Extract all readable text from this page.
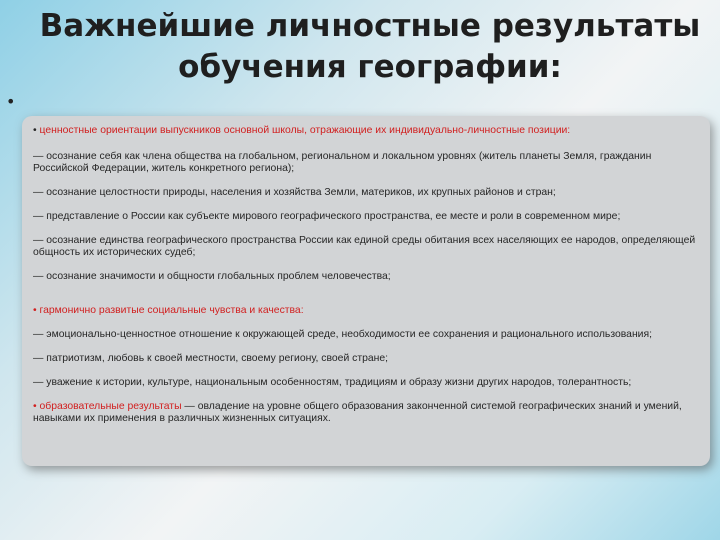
Важнейшие личностные результаты обучения географии:
•

• ценностные ориентации выпускников основной школы, отражающие их индивидуально-личностные позиции:

— осознание себя как члена общества на глобальном, региональном и локальном уровнях (житель планеты Земля, гражданин Российской Федерации, житель конкретного региона);

— осознание целостности природы, населения и хозяйства Земли, материков, их крупных районов и стран;

— представление о России как субъекте мирового географического пространства, ее месте и роли в современном мире;

— осознание единства географического пространства России как единой среды обитания всех населяющих ее народов, определяющей общность их исторических судеб;

— осознание значимости и общности глобальных проблем человечества;

• гармонично развитые социальные чувства и качества:

— эмоционально-ценностное отношение к окружающей среде, необходимости ее сохранения и рационального использования;

— патриотизм, любовь к своей местности, своему региону, своей стране;

— уважение к истории, культуре, национальным особенностям, традициям и образу жизни других народов, толерантность;

• образовательные результаты — овладение на уровне общего образования законченной системой географических знаний и умений, навыками их применения в различных жизненных ситуациях.
